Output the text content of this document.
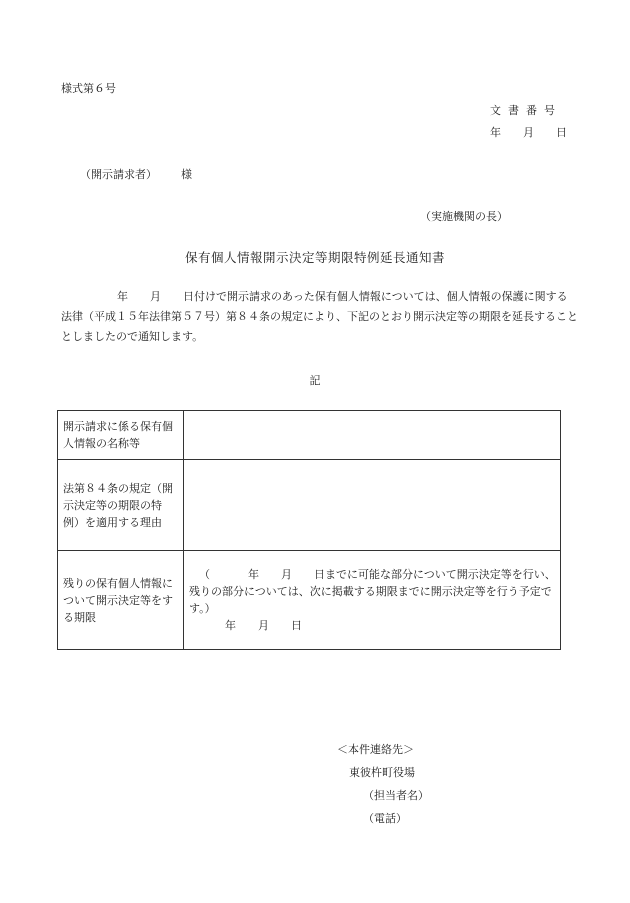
様式第６号
文書番号
年 月 日
（開示請求者） 様
（実施機関の長）
保有個人情報開示決定等期限特例延長通知書
年 月 日付けで開示請求のあった保有個人情報については、個人情報の保護に関する
法律（平成１５年法律第５７号）第８４条の規定により、下記のとおり開示決定等の期限を延長すること
としましたので通知します。
記
開示請求に係る保有個人情報の名称等	
法第８４条の規定（開示決定等の期限の特例）を適用する理由	
残りの保有個人情報について開示決定等をする期限	（ 年 月 日までに可能な部分について開示決定等を行い、
残りの部分については、次に掲載する期限までに開示決定等を行う予定で
す。）
年 月 日
＜本件連絡先＞
東彼杵町役場
（担当者名）
（電話）
